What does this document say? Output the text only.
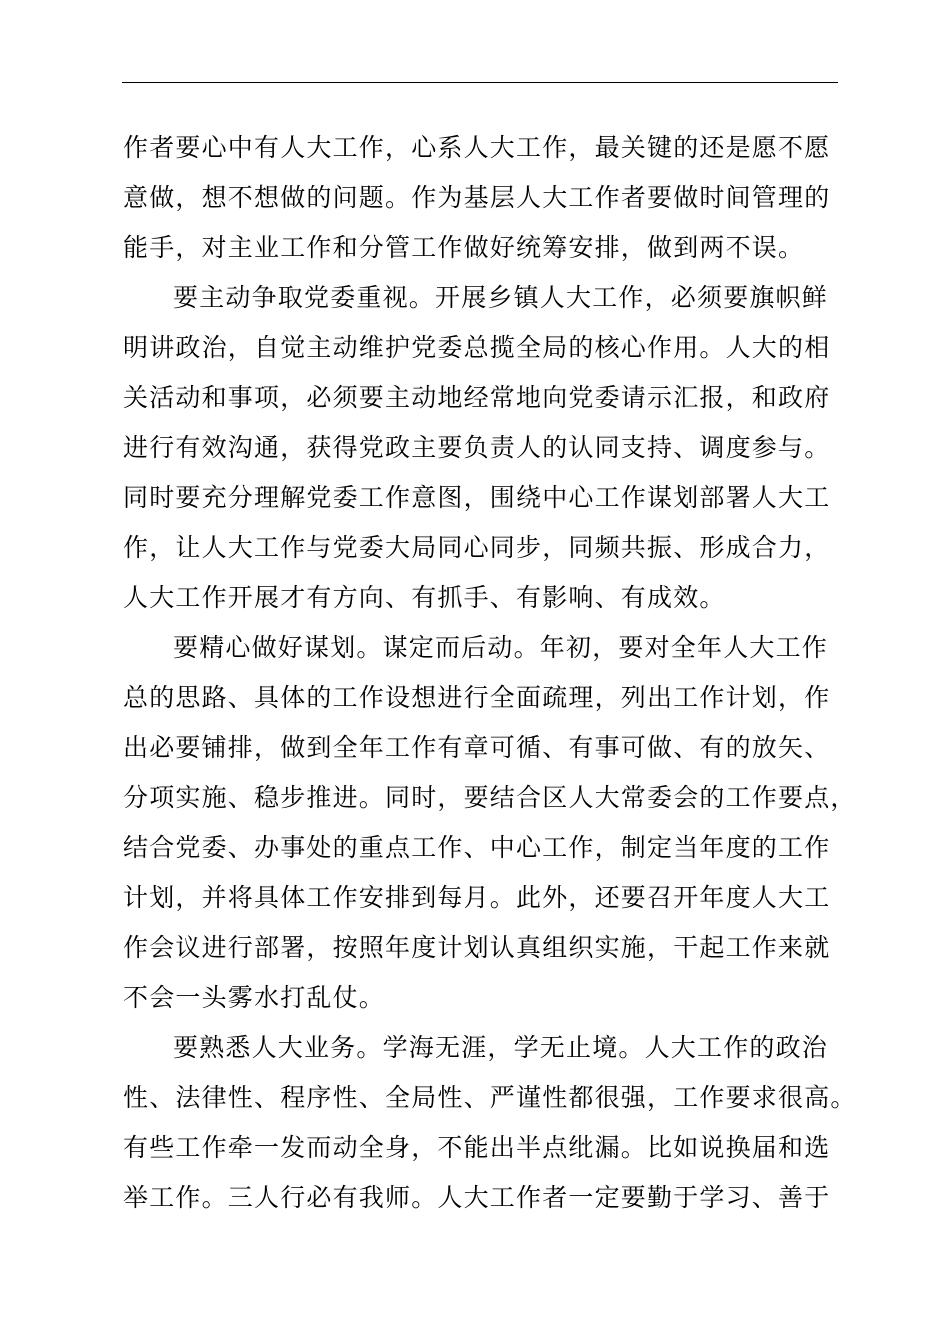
作者要心中有人大工作，心系人大工作，最关键的还是愿不愿
意做，想不想做的问题。作为基层人大工作者要做时间管理的
能手，对主业工作和分管工作做好统筹安排，做到两不误。
要主动争取党委重视。开展乡镇人大工作，必须要旗帜鲜
明讲政治，自觉主动维护党委总揽全局的核心作用。人大的相
关活动和事项，必须要主动地经常地向党委请示汇报，和政府
进行有效沟通，获得党政主要负责人的认同支持、调度参与。
同时要充分理解党委工作意图，围绕中心工作谋划部署人大工
作，让人大工作与党委大局同心同步，同频共振、形成合力，
人大工作开展才有方向、有抓手、有影响、有成效。
要精心做好谋划。谋定而后动。年初，要对全年人大工作
总的思路、具体的工作设想进行全面疏理，列出工作计划，作
出必要铺排，做到全年工作有章可循、有事可做、有的放矢、
分项实施、稳步推进。同时，要结合区人大常委会的工作要点，
结合党委、办事处的重点工作、中心工作，制定当年度的工作
计划，并将具体工作安排到每月。此外，还要召开年度人大工
作会议进行部署，按照年度计划认真组织实施，干起工作来就
不会一头雾水打乱仗。
要熟悉人大业务。学海无涯，学无止境。人大工作的政治
性、法律性、程序性、全局性、严谨性都很强，工作要求很高。
有些工作牵一发而动全身，不能出半点纰漏。比如说换届和选
举工作。三人行必有我师。人大工作者一定要勤于学习、善于
